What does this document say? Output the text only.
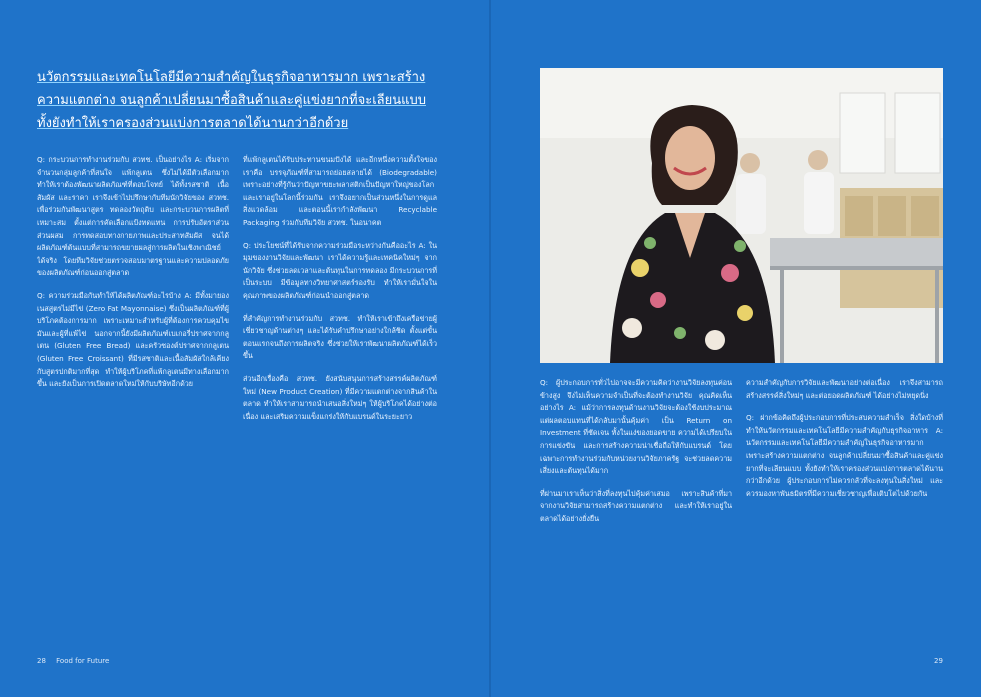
นวัตกรรมและเทคโนโลยีมีความสำคัญในธุรกิจอาหารมาก เพราะสร้างความแตกต่าง จนลูกค้าเปลี่ยนมาซื้อสินค้าและคู่แข่งยากที่จะเลียนแบบ ทั้งยังทำให้เราครองส่วนแบ่งการตลาดได้นานกว่าอีกด้วย

Q: กระบวนการทำงานร่วมกับ สวทช. เป็นอย่างไร A: เริ่มจากจำนวนกลุ่มลูกค้าที่สนใจ แพ้กลูเตน ซึ่งไม่ได้มีตัวเลือกมาก ทำให้เราต้องพัฒนาผลิตภัณฑ์ที่ตอบโจทย์ ได้ทั้งรสชาติ เนื้อสัมผัส และราคา เราจึงเข้าไปปรึกษากับทีมนักวิจัยของ สวทช. เพื่อร่วมกันพัฒนาสูตร ทดลองวัตถุดิบ และกระบวนการผลิตที่เหมาะสม ตั้งแต่การคัดเลือกแป้งทดแทน การปรับอัตราส่วนส่วนผสม การทดสอบทางกายภาพและประสาทสัมผัส จนได้ผลิตภัณฑ์ต้นแบบที่สามารถขยายผลสู่การผลิตในเชิงพาณิชย์ได้จริง โดยทีมวิจัยช่วยตรวจสอบมาตรฐานและความปลอดภัยของผลิตภัณฑ์ก่อนออกสู่ตลาด

Q: ความร่วมมือกันทำให้ได้ผลิตภัณฑ์อะไรบ้าง A: มีทั้งมายองเนสสูตรไม่มีไข่ (Zero Fat Mayonnaise) ซึ่งเป็นผลิตภัณฑ์ที่ผู้บริโภคต้องการมาก เพราะเหมาะสำหรับผู้ที่ต้องการควบคุมไขมันและผู้ที่แพ้ไข่ นอกจากนี้ยังมีผลิตภัณฑ์เบเกอรี่ปราศจากกลูเตน (Gluten Free Bread) และครัวซองต์ปราศจากกลูเตน (Gluten Free Croissant) ที่มีรสชาติและเนื้อสัมผัสใกล้เคียงกับสูตรปกติมากที่สุด ทำให้ผู้บริโภคที่แพ้กลูเตนมีทางเลือกมากขึ้น และยังเป็นการเปิดตลาดใหม่ให้กับบริษัทอีกด้วย

ที่แพ้กลูเตนได้รับประทานขนมปังได้ และอีกหนึ่งความตั้งใจของเราคือ บรรจุภัณฑ์ที่สามารถย่อยสลายได้ (Biodegradable) เพราะอย่างที่รู้กันว่าปัญหาขยะพลาสติกเป็นปัญหาใหญ่ของโลก และเราอยู่ในโลกนี้ร่วมกัน เราจึงอยากเป็นส่วนหนึ่งในการดูแลสิ่งแวดล้อม และตอนนี้เรากำลังพัฒนา Recyclable Packaging ร่วมกับทีมวิจัย สวทช. ในอนาคต

Q: ประโยชน์ที่ได้รับจากความร่วมมือระหว่างกันคืออะไร A: ในมุมของงานวิจัยและพัฒนา เราได้ความรู้และเทคนิคใหม่ๆ จากนักวิจัย ซึ่งช่วยลดเวลาและต้นทุนในการทดลอง มีกระบวนการที่เป็นระบบ มีข้อมูลทางวิทยาศาสตร์รองรับ ทำให้เรามั่นใจในคุณภาพของผลิตภัณฑ์ก่อนนำออกสู่ตลาด

ที่สำคัญการทำงานร่วมกับ สวทช. ทำให้เราเข้าถึงเครือข่ายผู้เชี่ยวชาญด้านต่างๆ และได้รับคำปรึกษาอย่างใกล้ชิด ตั้งแต่ขั้นตอนแรกจนถึงการผลิตจริง ซึ่งช่วยให้เราพัฒนาผลิตภัณฑ์ได้เร็วขึ้น

ส่วนอีกเรื่องคือ สวทช. ยังสนับสนุนการสร้างสรรค์ผลิตภัณฑ์ใหม่ (New Product Creation) ที่มีความแตกต่างจากสินค้าในตลาด ทำให้เราสามารถนำเสนอสิ่งใหม่ๆ ให้ผู้บริโภคได้อย่างต่อเนื่อง และเสริมความแข็งแกร่งให้กับแบรนด์ในระยะยาว

Q: ผู้ประกอบการทั่วไปอาจจะมีความคิดว่างานวิจัยลงทุนค่อนข้างสูง จึงไม่เห็นความจำเป็นที่จะต้องทำงานวิจัย คุณคิดเห็นอย่างไร A: แม้ว่าการลงทุนด้านงานวิจัยจะต้องใช้งบประมาณ แต่ผลตอบแทนที่ได้กลับมานั้นคุ้มค่า เป็น Return on Investment ที่ชัดเจน ทั้งในแง่ของยอดขาย ความได้เปรียบในการแข่งขัน และการสร้างความน่าเชื่อถือให้กับแบรนด์ โดยเฉพาะการทำงานร่วมกับหน่วยงานวิจัยภาครัฐ จะช่วยลดความเสี่ยงและต้นทุนได้มาก

ที่ผ่านมาเราเห็นว่าสิ่งที่ลงทุนไปคุ้มค่าเสมอ เพราะสินค้าที่มาจากงานวิจัยสามารถสร้างความแตกต่าง และทำให้เราอยู่ในตลาดได้อย่างยั่งยืน

ความสำคัญกับการวิจัยและพัฒนาอย่างต่อเนื่อง เราจึงสามารถสร้างสรรค์สิ่งใหม่ๆ และต่อยอดผลิตภัณฑ์ ได้อย่างไม่หยุดนิ่ง

Q: ฝากข้อคิดถึงผู้ประกอบการที่ประสบความสำเร็จ สิ่งใดบ้างที่ทำให้นวัตกรรมและเทคโนโลยีมีความสำคัญกับธุรกิจอาหาร A: นวัตกรรมและเทคโนโลยีมีความสำคัญในธุรกิจอาหารมาก เพราะสร้างความแตกต่าง จนลูกค้าเปลี่ยนมาซื้อสินค้าและคู่แข่งยากที่จะเลียนแบบ ทั้งยังทำให้เราครองส่วนแบ่งการตลาดได้นานกว่าอีกด้วย ผู้ประกอบการไม่ควรกลัวที่จะลงทุนในสิ่งใหม่ และควรมองหาพันธมิตรที่มีความเชี่ยวชาญเพื่อเติบโตไปด้วยกัน

28 Food for Future	29
